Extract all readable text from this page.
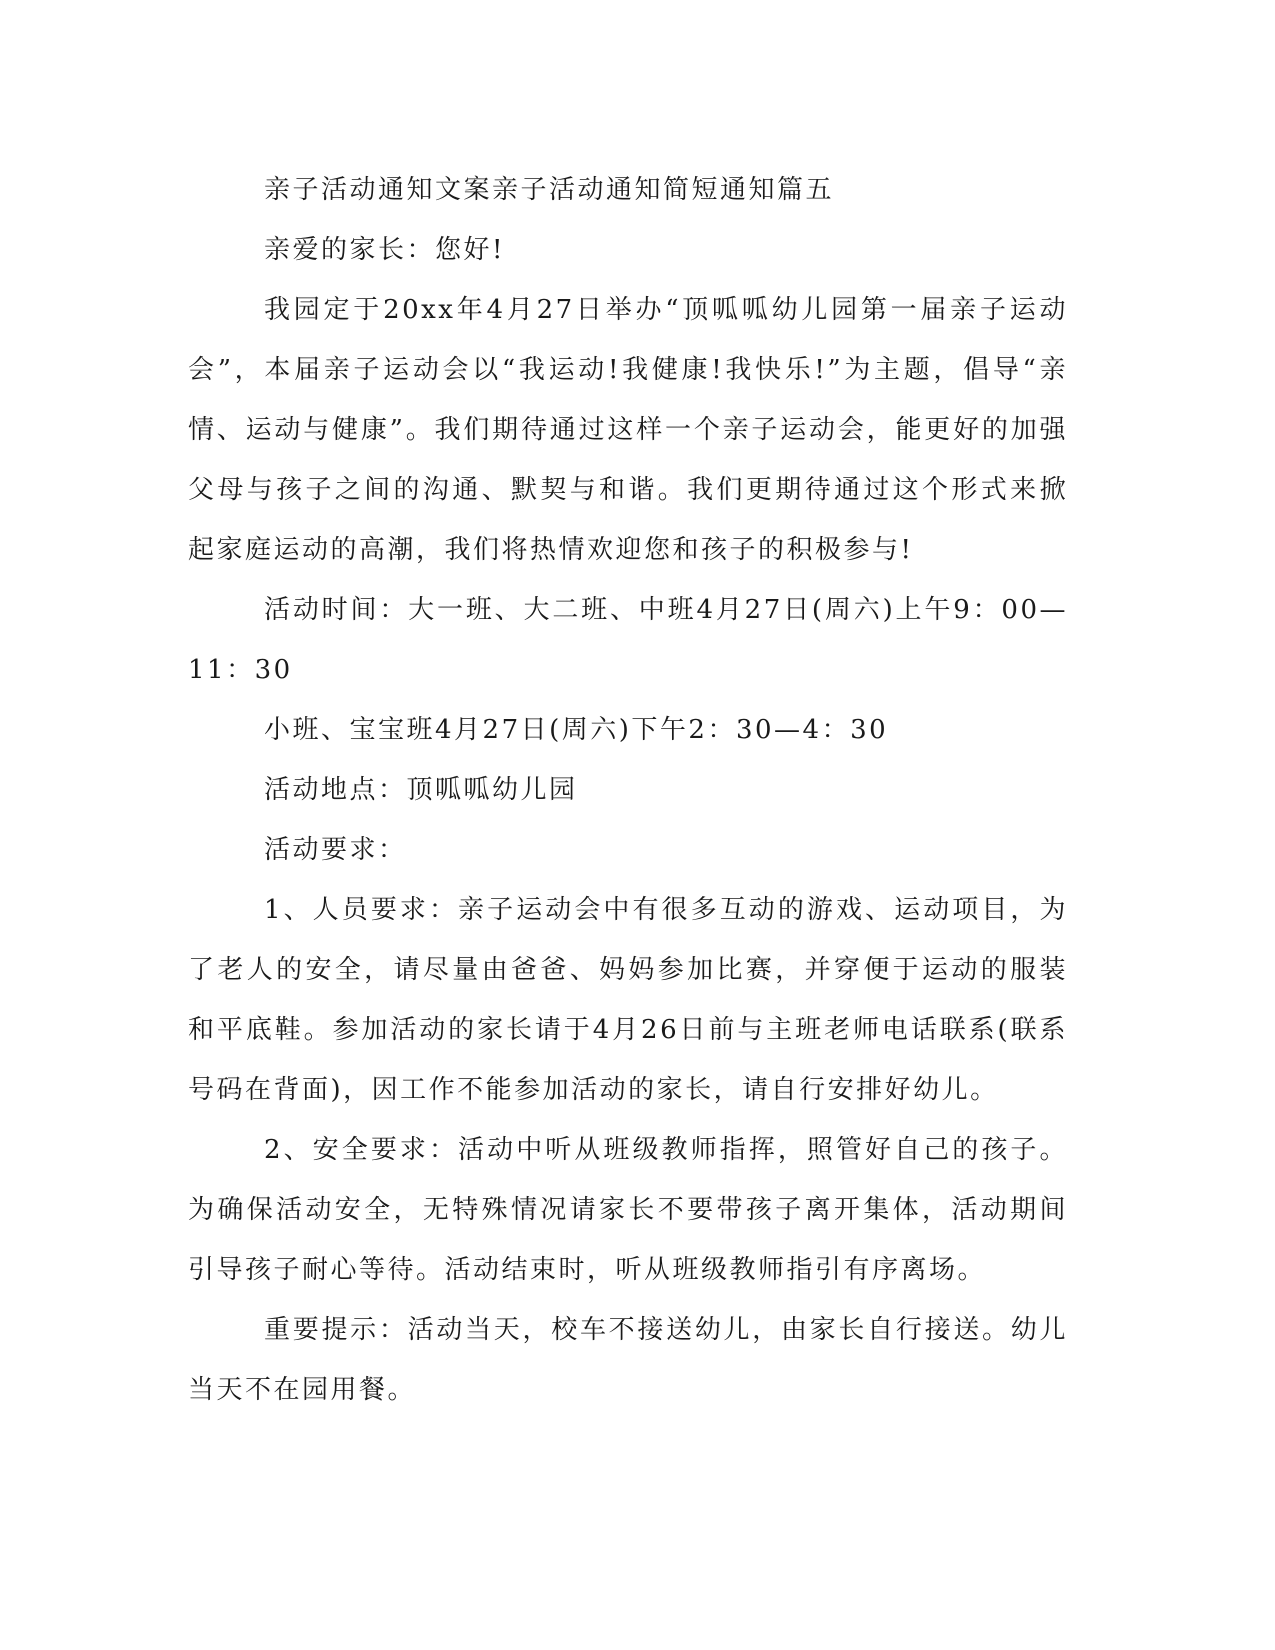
亲子活动通知文案亲子活动通知简短通知篇五

亲爱的家长：您好!

我园定于20xx年4月27日举办“顶呱呱幼儿园第一届亲子运动会”，本届亲子运动会以“我运动!我健康!我快乐!”为主题，倡导“亲情、运动与健康”。我们期待通过这样一个亲子运动会，能更好的加强父母与孩子之间的沟通、默契与和谐。我们更期待通过这个形式来掀起家庭运动的高潮，我们将热情欢迎您和孩子的积极参与!

活动时间：大一班、大二班、中班4月27日(周六)上午9：00—11：30

小班、宝宝班4月27日(周六)下午2：30—4：30

活动地点：顶呱呱幼儿园

活动要求：

1、人员要求：亲子运动会中有很多互动的游戏、运动项目，为了老人的安全，请尽量由爸爸、妈妈参加比赛，并穿便于运动的服装和平底鞋。参加活动的家长请于4月26日前与主班老师电话联系(联系号码在背面)，因工作不能参加活动的家长，请自行安排好幼儿。

2、安全要求：活动中听从班级教师指挥，照管好自己的孩子。为确保活动安全，无特殊情况请家长不要带孩子离开集体，活动期间引导孩子耐心等待。活动结束时，听从班级教师指引有序离场。

重要提示：活动当天，校车不接送幼儿，由家长自行接送。幼儿当天不在园用餐。
